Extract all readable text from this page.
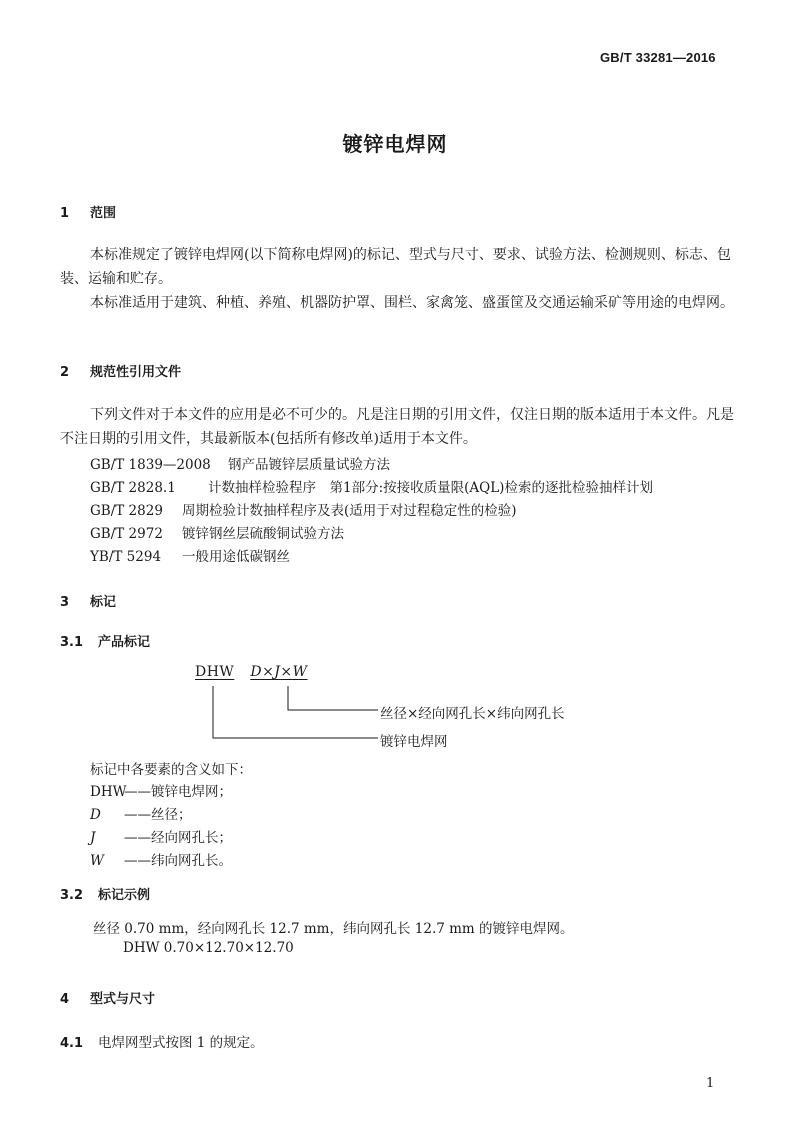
GB/T 33281—2016
镀锌电焊网
1 范围
本标准规定了镀锌电焊网(以下简称电焊网)的标记、型式与尺寸、要求、试验方法、检测规则、标志、包装、运输和贮存。
本标准适用于建筑、种植、养殖、机器防护罩、围栏、家禽笼、盛蛋筐及交通运输采矿等用途的电焊网。
2 规范性引用文件
下列文件对于本文件的应用是必不可少的。凡是注日期的引用文件，仅注日期的版本适用于本文件。凡是不注日期的引用文件，其最新版本(包括所有修改单)适用于本文件。
GB/T 1839—2008 钢产品镀锌层质量试验方法
GB/T 2828.1 计数抽样检验程序　第1部分:按接收质量限(AQL)检索的逐批检验抽样计划
GB/T 2829 周期检验计数抽样程序及表(适用于对过程稳定性的检验)
GB/T 2972 镀锌钢丝层硫酸铜试验方法
YB/T 5294 一般用途低碳钢丝
3 标记
3.1 产品标记
DHW D×J×W
丝径×经向网孔长×纬向网孔长
镀锌电焊网
标记中各要素的含义如下：
DHW——镀锌电焊网；
D ——丝径；
J ——经向网孔长；
W ——纬向网孔长。
3.2 标记示例
丝径 0.70 mm，经向网孔长 12.7 mm，纬向网孔长 12.7 mm 的镀锌电焊网。
DHW 0.70×12.70×12.70
4 型式与尺寸
4.1 电焊网型式按图 1 的规定。
1
